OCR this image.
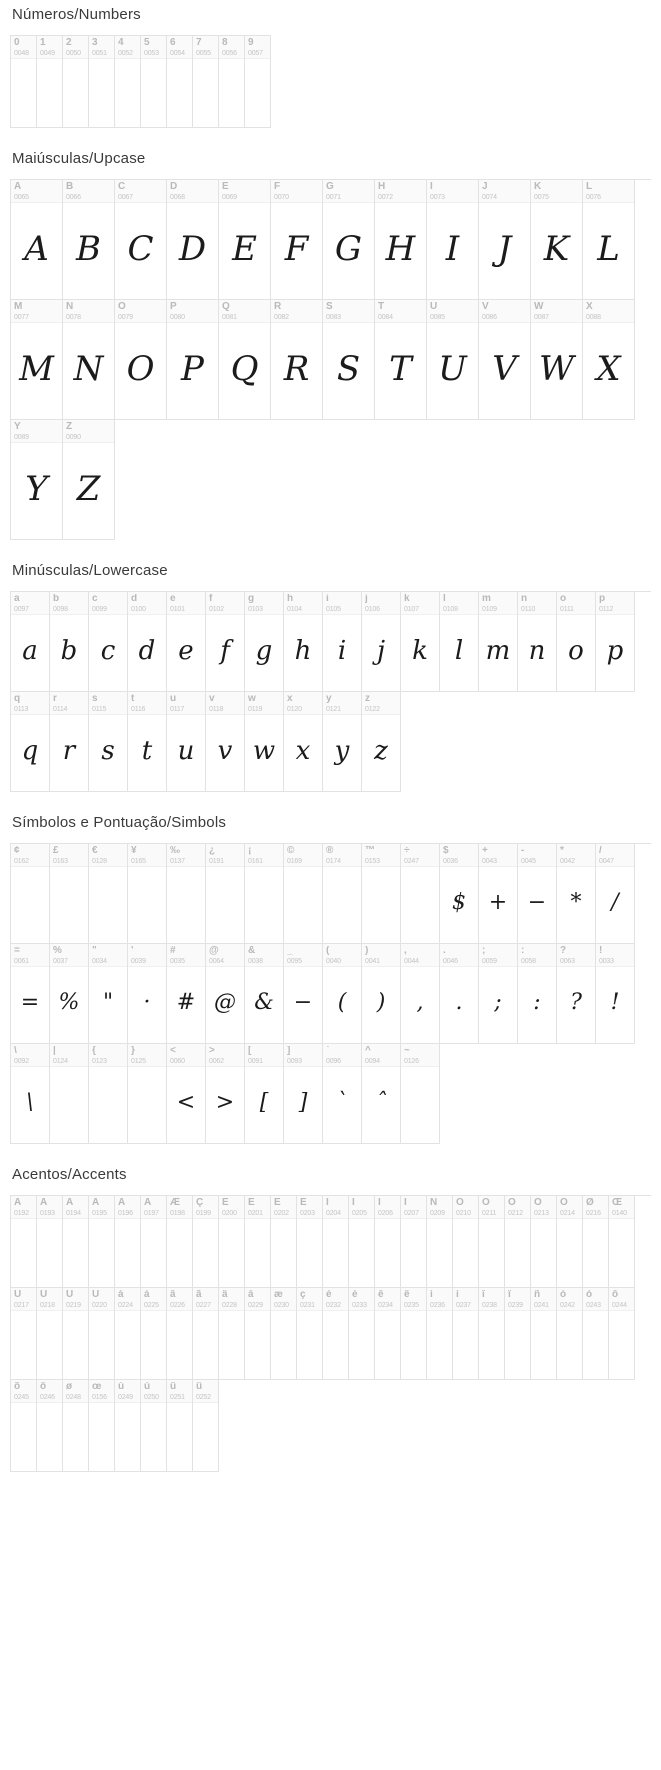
Números/Numbers
0
0048
1
0049
2
0050
3
0051
4
0052
5
0053
6
0054
7
0055
8
0056
9
0057
Maiúsculas/Upcase
A
0065
A
B
0066
B
C
0067
C
D
0068
D
E
0069
E
F
0070
F
G
0071
G
H
0072
H
I
0073
I
J
0074
J
K
0075
K
L
0076
L
M
0077
M
N
0078
N
O
0079
O
P
0080
P
Q
0081
Q
R
0082
R
S
0083
S
T
0084
T
U
0085
U
V
0086
V
W
0087
W
X
0088
X
Y
0089
Y
Z
0090
Z
Minúsculas/Lowercase
a
0097
a
b
0098
b
c
0099
c
d
0100
d
e
0101
e
f
0102
f
g
0103
g
h
0104
h
i
0105
i
j
0106
j
k
0107
k
l
0108
l
m
0109
m
n
0110
n
o
0111
o
p
0112
p
q
0113
q
r
0114
r
s
0115
s
t
0116
t
u
0117
u
v
0118
v
w
0119
w
x
0120
x
y
0121
y
z
0122
z
Símbolos e Pontuação/Simbols
¢
0162
£
0163
€
0128
¥
0165
‰
0137
¿
0191
¡
0161
©
0169
®
0174
™
0153
÷
0247
$
0036
$
+
0043
+
-
0045
−
*
0042
*
/
0047
/
=
0061
=
%
0037
%
"
0034
"
'
0039
·
#
0035
#
@
0064
@
&
0038
&
_
0095
−
(
0040
(
)
0041
)
,
0044
,
.
0046
.
;
0059
;
:
0058
:
?
0063
?
!
0033
!
\
0092
\
|
0124
{
0123
}
0125
<
0060
<
>
0062
>
[
0091
[
]
0093
]
`
0096
`
^
0094
ˆ
~
0126
Acentos/Accents
À
0192
Á
0193
Â
0194
Ã
0195
Ä
0196
Å
0197
Æ
0198
Ç
0199
È
0200
É
0201
Ê
0202
Ë
0203
Ì
0204
Í
0205
Î
0206
Ï
0207
Ñ
0209
Ò
0210
Ó
0211
Ô
0212
Õ
0213
Ö
0214
Ø
0216
Œ
0140
Ù
0217
Ú
0218
Û
0219
Ü
0220
à
0224
á
0225
â
0226
ã
0227
ä
0228
å
0229
æ
0230
ç
0231
è
0232
é
0233
ê
0234
ë
0235
ì
0236
í
0237
î
0238
ï
0239
ñ
0241
ò
0242
ó
0243
ô
0244
õ
0245
ö
0246
ø
0248
œ
0156
ù
0249
ú
0250
û
0251
ü
0252
